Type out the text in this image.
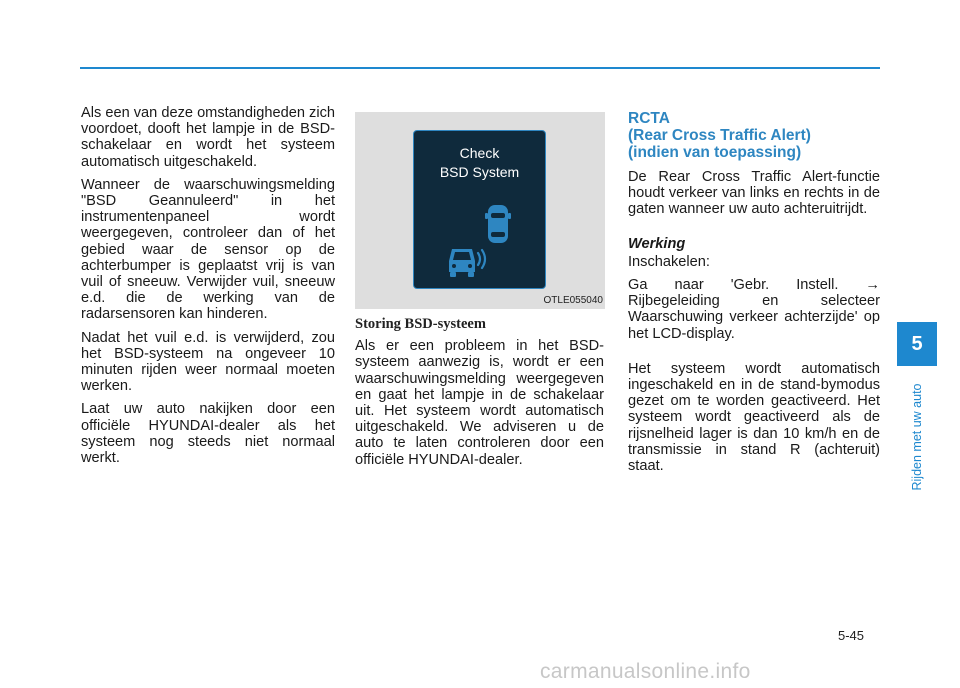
Als een van deze omstandigheden zich voordoet, dooft het lampje in de BSD-schakelaar en wordt het systeem automatisch uitgeschakeld.

Wanneer de waarschuwingsmelding "BSD Geannuleerd" in het instrumentenpaneel wordt weergegeven, controleer dan of het gebied waar de sensor op de achterbumper is geplaatst vrij is van vuil of sneeuw. Verwijder vuil, sneeuw e.d. die de werking van de radarsensoren kan hinderen.

Nadat het vuil e.d. is verwijderd, zou het BSD-systeem na ongeveer 10 minuten rijden weer normaal moeten werken.

Laat uw auto nakijken door een officiële HYUNDAI-dealer als het systeem nog steeds niet normaal werkt.

Check
BSD System
OTLE055040
Storing BSD-systeem

Als er een probleem in het BSD-systeem aanwezig is, wordt er een waarschuwingsmelding weergegeven en gaat het lampje in de schakelaar uit. Het systeem wordt automatisch uitgeschakeld. We adviseren u de auto te laten controleren door een officiële HYUNDAI-dealer.

RCTA
(Rear Cross Traffic Alert)
(indien van toepassing)

De Rear Cross Traffic Alert-functie houdt verkeer van links en rechts in de gaten wanneer uw auto achteruitrijdt.

Werking

Inschakelen:

Ga naar 'Gebr. Instell. → Rijbegeleiding en selecteer Waarschuwing verkeer achterzijde' op het LCD-display.

Het systeem wordt automatisch ingeschakeld en in de stand-bymodus gezet om te worden geactiveerd. Het systeem wordt geactiveerd als de rijsnelheid lager is dan 10 km/h en de transmissie in stand R (achteruit) staat.

5
Rijden met uw auto
5-45
carmanualsonline.info
